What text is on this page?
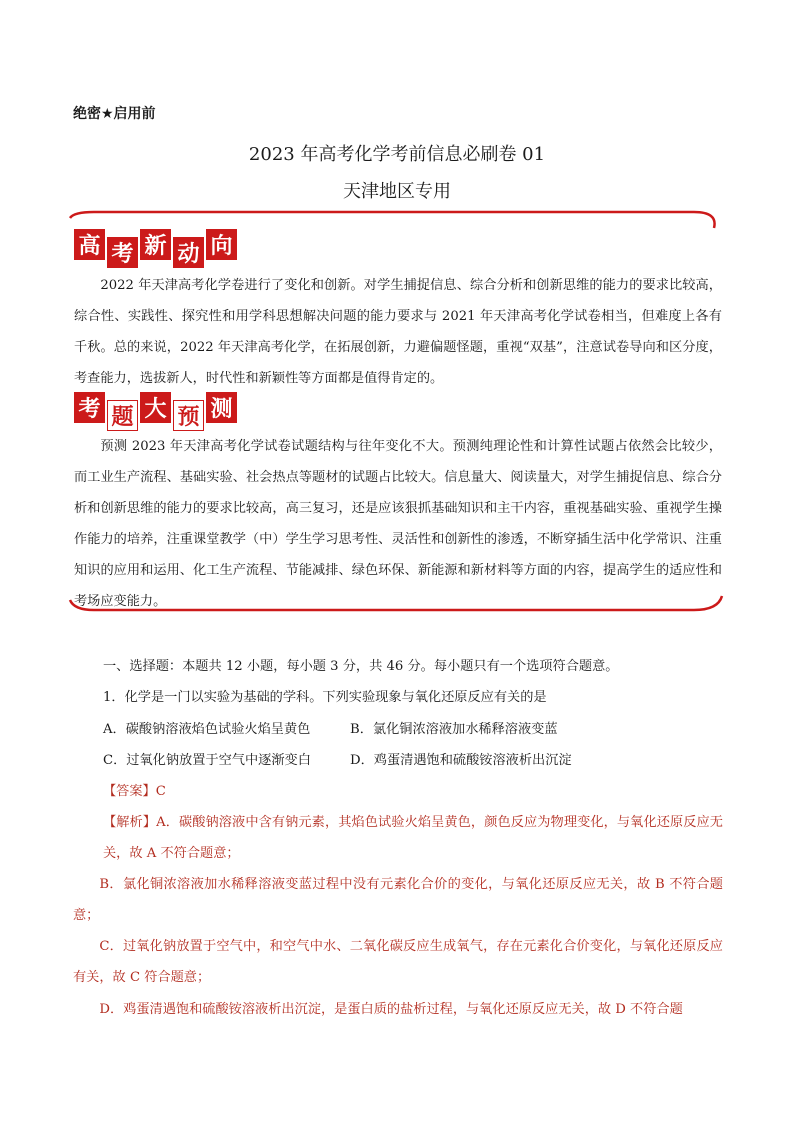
绝密★启用前
2023 年高考化学考前信息必刷卷 01
天津地区专用
高 考 新 动 向
2022 年天津高考化学卷进行了变化和创新。对学生捕捉信息、综合分析和创新思维的能力的要求比较高，综合性、实践性、探究性和用学科思想解决问题的能力要求与 2021 年天津高考化学试卷相当，但难度上各有千秋。总的来说，2022 年天津高考化学，在拓展创新，力避偏题怪题，重视“双基”，注意试卷导向和区分度，考查能力，选拔新人，时代性和新颖性等方面都是值得肯定的。
考 题 大 预 测
预测 2023 年天津高考化学试卷试题结构与往年变化不大。预测纯理论性和计算性试题占依然会比较少，而工业生产流程、基础实验、社会热点等题材的试题占比较大。信息量大、阅读量大，对学生捕捉信息、综合分析和创新思维的能力的要求比较高，高三复习，还是应该狠抓基础知识和主干内容，重视基础实验、重视学生操作能力的培养，注重课堂教学（中）学生学习思考性、灵活性和创新性的渗透，不断穿插生活中化学常识、注重知识的应用和运用、化工生产流程、节能减排、绿色环保、新能源和新材料等方面的内容，提高学生的适应性和考场应变能力。
一、选择题：本题共 12 小题，每小题 3 分，共 46 分。每小题只有一个选项符合题意。
1．化学是一门以实验为基础的学科。下列实验现象与氧化还原反应有关的是
A．碳酸钠溶液焰色试验火焰呈黄色	B．氯化铜浓溶液加水稀释溶液变蓝
C．过氧化钠放置于空气中逐渐变白	D．鸡蛋清遇饱和硫酸铵溶液析出沉淀
【答案】C
【解析】A．碳酸钠溶液中含有钠元素，其焰色试验火焰呈黄色，颜色反应为物理变化，与氧化还原反应无关，故 A 不符合题意；
B．氯化铜浓溶液加水稀释溶液变蓝过程中没有元素化合价的变化，与氧化还原反应无关，故 B 不符合题意；
C．过氧化钠放置于空气中，和空气中水、二氧化碳反应生成氧气，存在元素化合价变化，与氧化还原反应有关，故 C 符合题意；
D．鸡蛋清遇饱和硫酸铵溶液析出沉淀，是蛋白质的盐析过程，与氧化还原反应无关，故 D 不符合题
